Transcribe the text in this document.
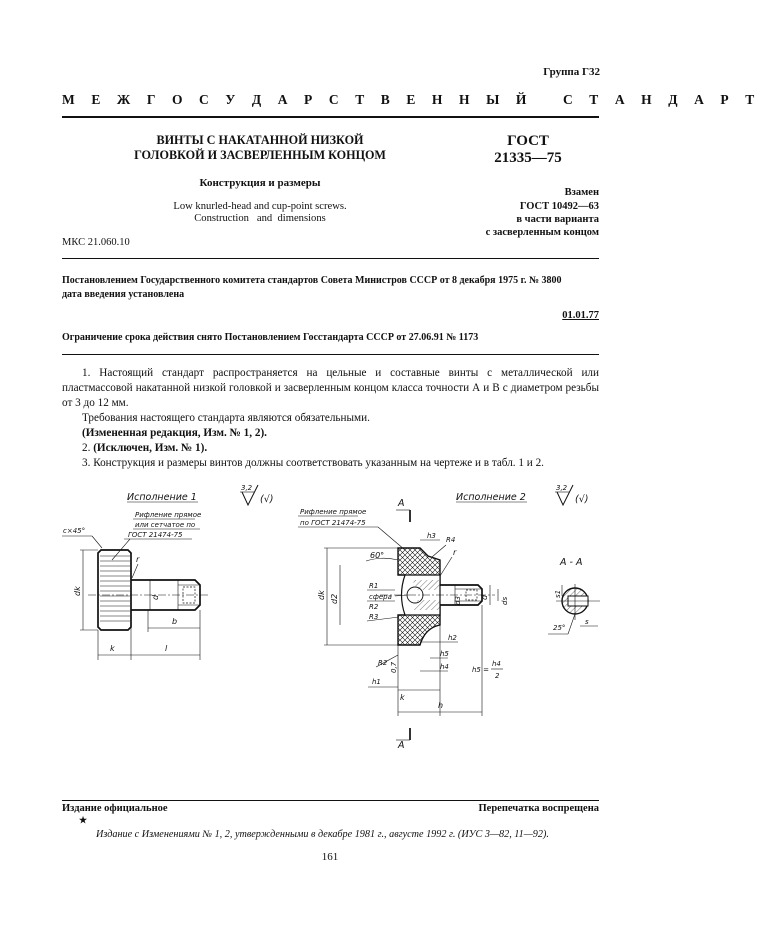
Группа Г32
М Е Ж Г О С У Д А Р С Т В Е Н Н Ы Й   С Т А Н Д А Р Т
ВИНТЫ С НАКАТАННОЙ НИЗКОЙ
ГОЛОВКОЙ И ЗАСВЕРЛЕННЫМ КОНЦОМ
Конструкция и размеры
Low knurled-head and cup-point screws.
Construction   and  dimensions
ГОСТ
21335—75
Взамен
ГОСТ 10492—63
в части варианта
с засверленным концом
МКС 21.060.10
Постановлением Государственного комитета стандартов Совета Министров СССР от 8 декабря 1975 г. № 3800
дата введения установлена
01.01.77
Ограничение срока действия снято Постановлением Госстандарта СССР от 27.06.91 № 1173

1. Настоящий стандарт распространяется на цельные и составные винты с металлической или пластмассовой накатанной низкой головкой и засверленным концом класса точности А и В с диаметром резьбы от 3 до 12 мм.

Требования настоящего стандарта являются обязательными.

(Измененная редакция, Изм. № 1, 2).

2. (Исключен, Изм. № 1).

3. Конструкция и размеры винтов должны соответствовать указанным на чертеже и в табл. 1 и 2.

Исполнение 1
3,2
(√)
Рифление прямое
или сетчатое по
ГОСТ 21474-75
c×45°
r
dk
d
b
k	l
Исполнение 2
3,2
(√)
А
Рифление прямое
по ГОСТ 21474-75
60°
dk d2
R1
сфера
R2
R3
h3 R4
r
d3 d ds
h2
h5
h4
R2 0,7
h1
k
h
h5 =
h4
2
А
А - А
s1
25°
s
Издание официальное	Перепечатка воспрещена
★
Издание с Изменениями № 1, 2, утвержденными в декабре 1981 г., августе 1992 г. (ИУС 3—82, 11—92).
161
